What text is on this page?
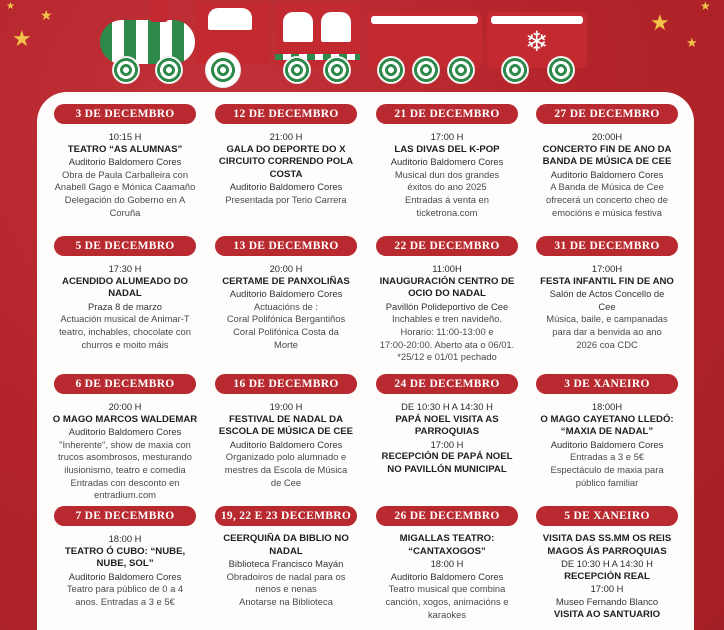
★
★	★
★
★	★
❄
3 DE DECEMBRO
10:15 H
TEATRO “AS ALUMNAS”
Auditorio Baldomero Cores
Obra de Paula Carballeira con
Anabell Gago e Mónica Caamaño
Delegación do Goberno en A
Coruña
5 DE DECEMBRO
17:30 H
ACENDIDO ALUMEADO DO
NADAL
Praza 8 de marzo
Actuación musical de Animar-T
teatro, inchables, chocolate con
churros e moito máis
6 DE DECEMBRO
20:00 H
O MAGO MARCOS WALDEMAR
Auditorio Baldomero Cores
"Inherente", show de maxia con
trucos asombrosos, mesturando
ilusionismo, teatro e comedia
Entradas con desconto en
entradium.com
7 DE DECEMBRO
18:00 H
TEATRO Ó CUBO: “NUBE,
NUBE, SOL”
Auditorio Baldomero Cores
Teatro para público de 0 a 4
anos. Entradas a 3 e 5€
12 DE DECEMBRO
21:00 H
GALA DO DEPORTE DO X
CIRCUITO CORRENDO POLA
COSTA
Auditorio Baldomero Cores
Presentada por Terio Carrera
13 DE DECEMBRO
20:00 H
CERTAME DE PANXOLIÑAS
Auditorio Baldomero Cores
Actuacións de :
Coral Polifónica Bergantiños
Coral Polifónica Costa da
Morte
16 DE DECEMBRO
19:00 H
FESTIVAL DE NADAL DA
ESCOLA DE MÚSICA DE CEE
Auditorio Baldomero Cores
Organizado polo alumnado e
mestres da Escola de Música
de Cee
19, 22 E 23 DECEMBRO
CEERQUIÑA DA BIBLIO NO
NADAL
Biblioteca Francisco Mayán
Obradoiros de nadal para os
nenos e nenas
Anotarse na Biblioteca
21 DE DECEMBRO
17:00 H
LAS DIVAS DEL K-POP
Auditorio Baldomero Cores
Musical dun dos grandes
éxitos do ano 2025
Entradas á venta en
ticketrona.com
22 DE DECEMBRO
11:00H
INAUGURACIÓN CENTRO DE
OCIO DO NADAL
Pavillón Polideportivo de Cee
Inchables e tren navideño.
Horario: 11:00-13:00 e
17:00-20:00. Aberto ata o 06/01.
*25/12 e 01/01 pechado
24 DE DECEMBRO
DE 10:30 H A 14:30 H
PAPÁ NOEL VISITA AS
PARROQUIAS
17:00 H
RECEPCIÓN DE PAPÁ NOEL
NO PAVILLÓN MUNICIPAL
26 DE DECEMBRO
MIGALLAS TEATRO:
“CANTAXOGOS”
18:00 H
Auditorio Baldomero Cores
Teatro musical que combina
canción, xogos, animacións e
karaokes
27 DE DECEMBRO
20:00H
CONCERTO FIN DE ANO DA
BANDA DE MÚSICA DE CEE
Auditorio Baldomero Cores
A Banda de Música de Cee
ofrecerá un concerto cheo de
emocións e música festiva
31 DE DECEMBRO
17:00H
FESTA INFANTIL FIN DE ANO
Salón de Actos Concello de
Cee
Música, baile, e campanadas
para dar a benvida ao ano
2026 coa CDC
3 DE XANEIRO
18:00H
O MAGO CAYETANO LLEDÓ:
“MAXIA DE NADAL”
Auditorio Baldomero Cores
Entradas a 3 e 5€
Espectáculo de maxia para
público familiar
5 DE XANEIRO
VISITA DAS SS.MM OS REIS
MAGOS ÁS PARROQUIAS
DE 10:30 H A 14:30 H
RECEPCIÓN REAL
17:00 H
Museo Fernando Blanco
VISITA AO SANTUARIO
